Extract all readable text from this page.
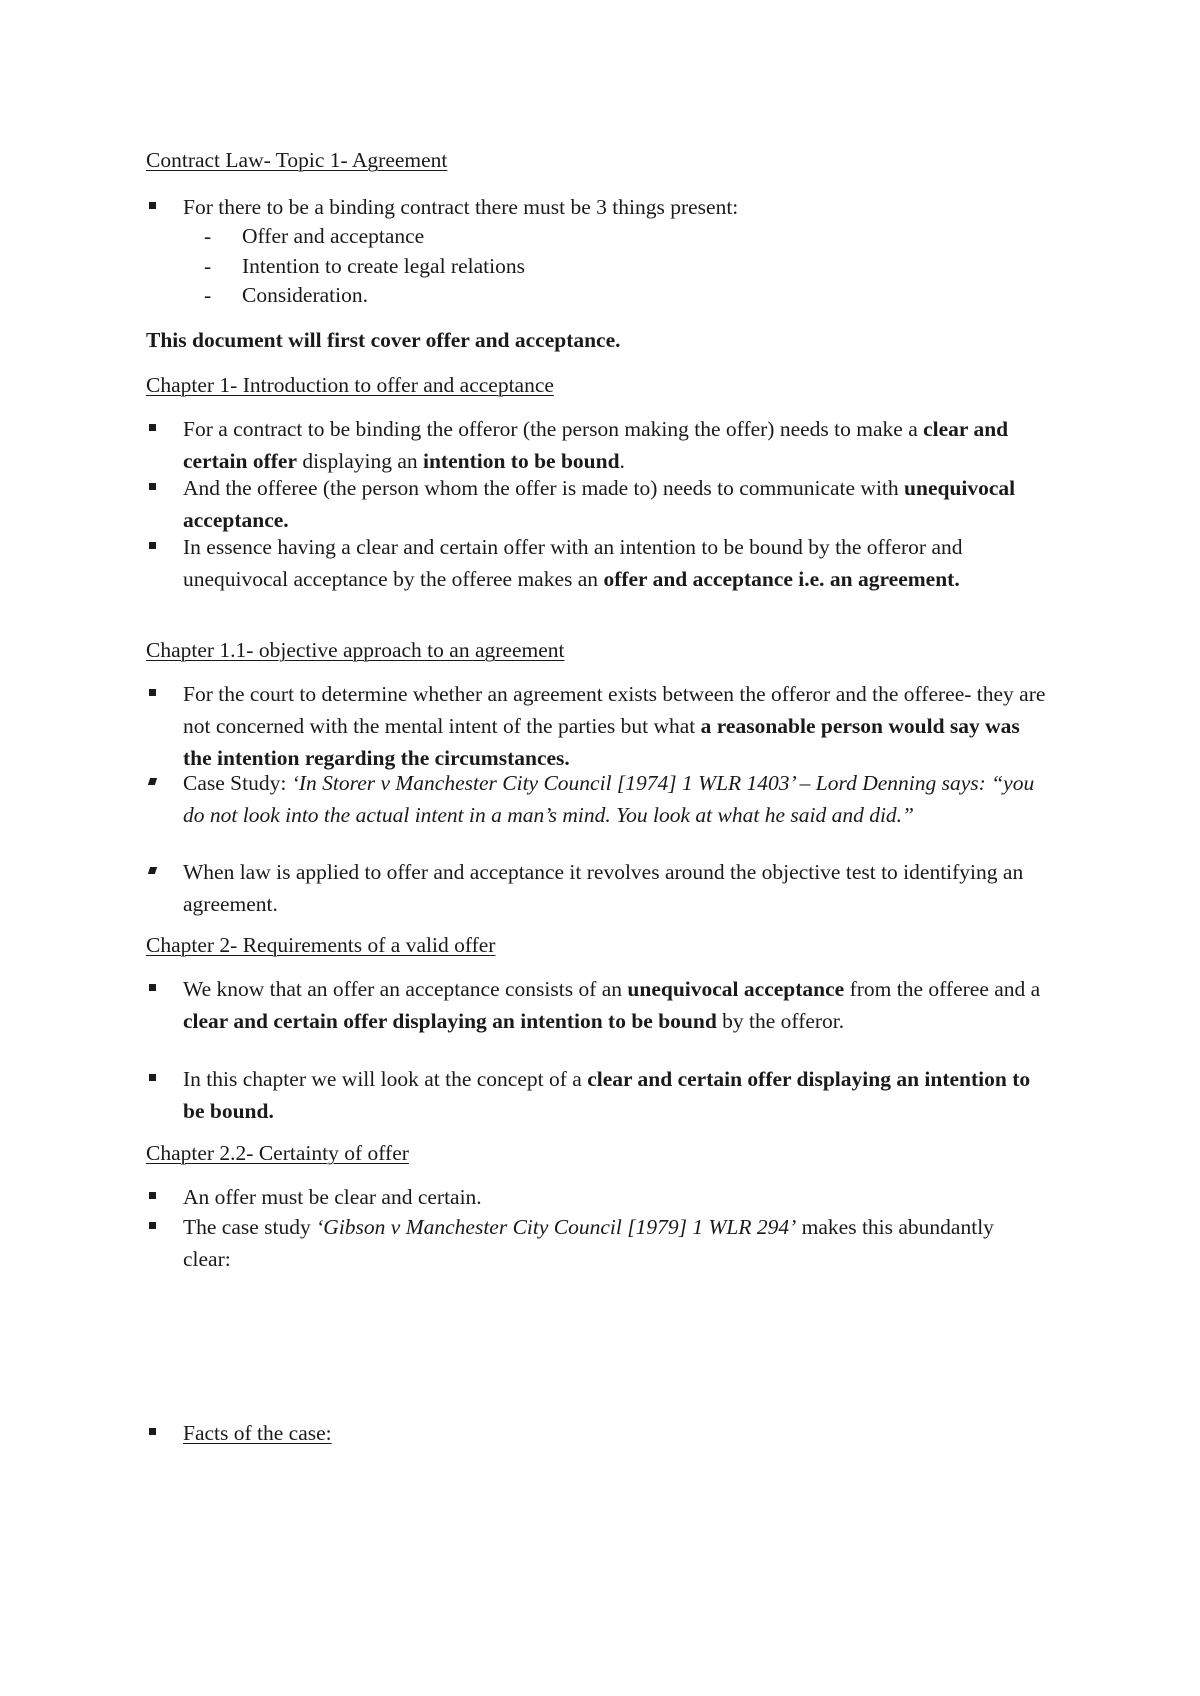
Contract Law- Topic 1- Agreement
For there to be a binding contract there must be 3 things present:
- Offer and acceptance
- Intention to create legal relations
- Consideration.
This document will first cover offer and acceptance.
Chapter 1- Introduction to offer and acceptance
For a contract to be binding the offeror (the person making the offer) needs to make a clear and certain offer displaying an intention to be bound.
And the offeree (the person whom the offer is made to) needs to communicate with unequivocal acceptance.
In essence having a clear and certain offer with an intention to be bound by the offeror and unequivocal acceptance by the offeree makes an offer and acceptance i.e. an agreement.
Chapter 1.1- objective approach to an agreement
For the court to determine whether an agreement exists between the offeror and the offeree- they are not concerned with the mental intent of the parties but what a reasonable person would say was the intention regarding the circumstances.
Case Study: ‘In Storer v Manchester City Council [1974] 1 WLR 1403’ – Lord Denning says: “you do not look into the actual intent in a man’s mind. You look at what he said and did.”
When law is applied to offer and acceptance it revolves around the objective test to identifying an agreement.
Chapter 2- Requirements of a valid offer
We know that an offer an acceptance consists of an unequivocal acceptance from the offeree and a clear and certain offer displaying an intention to be bound by the offeror.
In this chapter we will look at the concept of a clear and certain offer displaying an intention to be bound.
Chapter 2.2- Certainty of offer
An offer must be clear and certain.
The case study ‘Gibson v Manchester City Council [1979] 1 WLR 294’ makes this abundantly clear:
Facts of the case:
